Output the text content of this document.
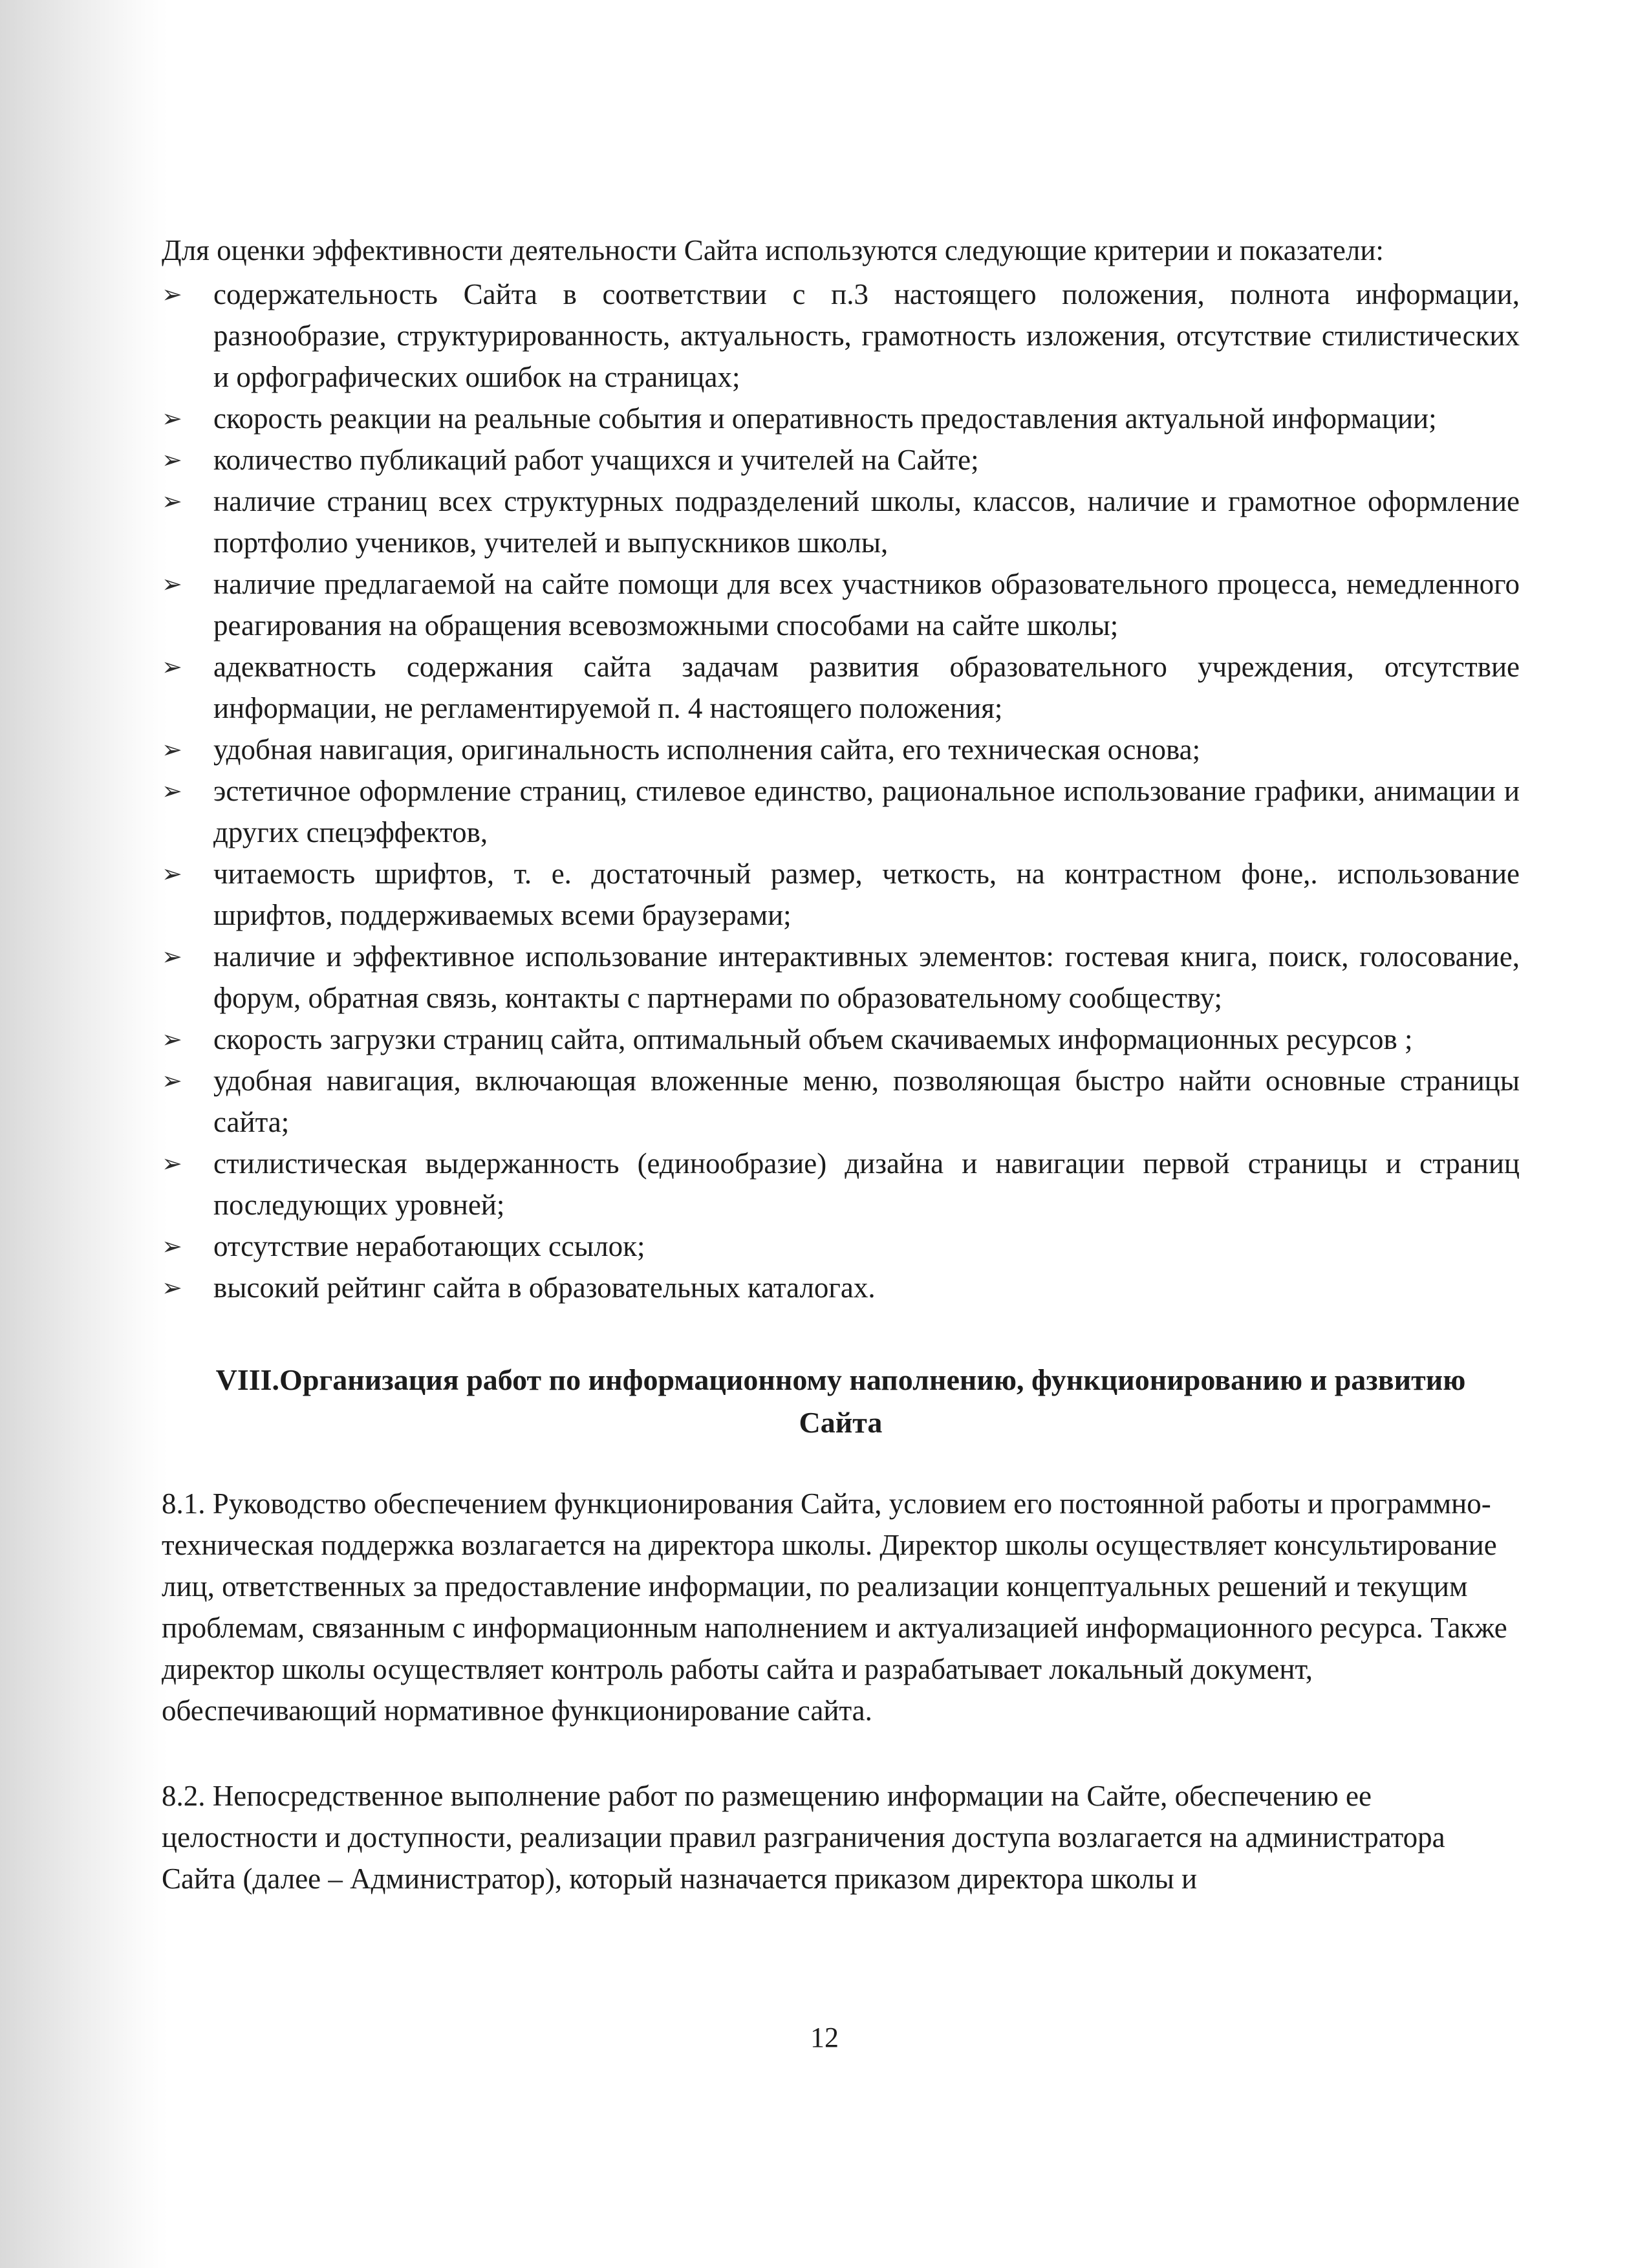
Для оценки эффективности деятельности Сайта используются следующие критерии и показатели:

➢	содержательность Сайта в соответствии с п.3 настоящего положения, полнота информации, разнообразие, структурированность, актуальность, грамотность изложения, отсутствие стилистических и орфографических ошибок на страницах;
➢	скорость реакции на реальные события и оперативность предоставления актуальной информации;
➢	количество публикаций работ учащихся и учителей на Сайте;
➢	наличие страниц всех структурных подразделений школы, классов, наличие и грамотное оформление портфолио учеников, учителей и выпускников школы,
➢	наличие предлагаемой на сайте помощи для всех участников образовательного процесса, немедленного реагирования на обращения всевозможными способами на сайте школы;
➢	адекватность содержания сайта задачам развития образовательного учреждения, отсутствие информации, не регламентируемой п. 4 настоящего положения;
➢	удобная навигация, оригинальность исполнения сайта, его техническая основа;
➢	эстетичное оформление страниц, стилевое единство, рациональное использование графики, анимации и других спецэффектов,
➢	читаемость шрифтов, т. е. достаточный размер, четкость, на контрастном фоне,. использование шрифтов, поддерживаемых всеми браузерами;
➢	наличие и эффективное использование интерактивных элементов: гостевая книга, поиск, голосование, форум, обратная связь, контакты с партнерами по образовательному сообществу;
➢	скорость загрузки страниц сайта, оптимальный объем скачиваемых информационных ресурсов ;
➢	удобная навигация, включающая вложенные меню, позволяющая быстро найти основные страницы сайта;
➢	стилистическая выдержанность (единообразие) дизайна и навигации первой страницы и страниц последующих уровней;
➢	отсутствие неработающих ссылок;
➢	высокий рейтинг сайта в образовательных каталогах.
VIII.Организация работ по информационному наполнению, функционированию и развитию Сайта

8.1. Руководство обеспечением функционирования Сайта, условием его постоянной работы и программно-техническая поддержка возлагается на директора школы. Директор школы осуществляет консультирование лиц, ответственных за предоставление информации, по реализации концептуальных решений и текущим проблемам, связанным с информационным наполнением и актуализацией информационного ресурса. Также директор школы осуществляет контроль работы сайта и разрабатывает локальный документ, обеспечивающий нормативное функционирование сайта.

8.2. Непосредственное выполнение работ по размещению информации на Сайте, обеспечению ее целостности и доступности, реализации правил разграничения доступа возлагается на администратора Сайта (далее – Администратор), который назначается приказом директора школы и

12
